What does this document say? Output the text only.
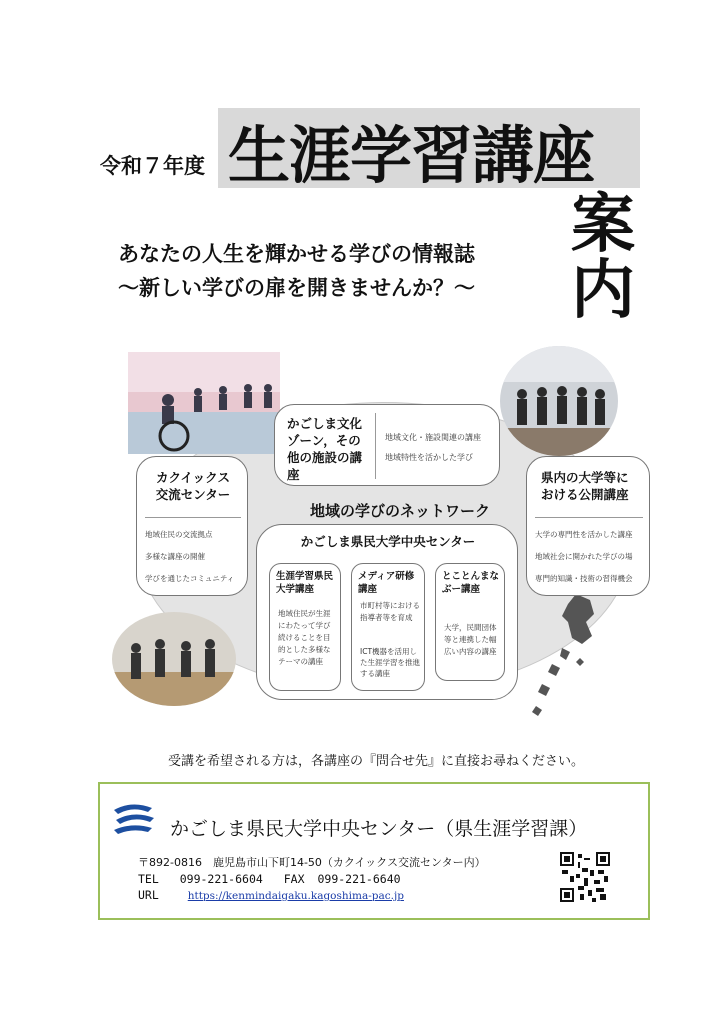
令和７年度 生涯学習講座
案内
あなたの人生を輝かせる学びの情報誌
～新しい学びの扉を開きませんか？～
かごしま文化ゾーン，その他の施設の講座
地域文化・施設関連の講座
地域特性を活かした学び
カクイックス交流センター
地域住民の交流拠点
多様な講座の開催
学びを通じたコミュニティ
県内の大学等における公開講座
大学の専門性を活かした講座
地域社会に開かれた学びの場
専門的知識・技術の習得機会
地域の学びのネットワーク
かごしま県民大学中央センター
生涯学習県民大学講座
地域住民が生涯にわたって学び続けることを目的とした多様なテーマの講座
メディア研修講座
市町村等における指導者等を育成
ICT機器を活用した生涯学習を推進する講座
とことんまなぶー講座
大学，民間団体等と連携した幅広い内容の講座
受講を希望される方は，各講座の『問合せ先』に直接お尋ねください。
かごしま県民大学中央センター（県生涯学習課）
〒892-0816　鹿児島市山下町14-50（カクイックス交流センター内）
TEL 099-221-6604 FAX 099-221-6640
URL	https://kenmindaigaku.kagoshima-pac.jp
